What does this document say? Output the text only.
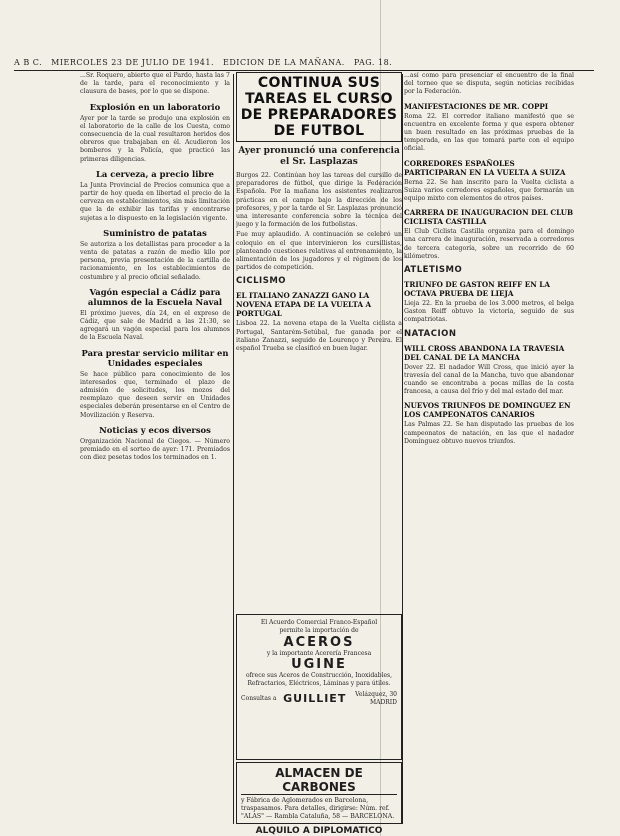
A B C. MIERCOLES 23 DE JULIO DE 1941. EDICION DE LA MAÑANA. PAG. 18.

...Sr. Roquero, abierto que el Pardo, hasta las 7 de la tarde, para el reconocimiento y la clausura de bases, por lo que se dispone.

Explosión en un laboratorio

Ayer por la tarde se produjo una explosión en el laboratorio de la calle de los Cuesta, como consecuencia de la cual resultaron heridos dos obreros que trabajaban en él. Acudieron los bomberos y la Policía, que practicó las primeras diligencias.

La cerveza, a precio libre

La Junta Provincial de Precios comunica que a partir de hoy queda en libertad el precio de la cerveza en establecimientos, sin más limitación que la de exhibir las tarifas y encontrarse sujetas a lo dispuesto en la legislación vigente.

Suministro de patatas

Se autoriza a los detallistas para proceder a la venta de patatas a razón de medio kilo por persona, previa presentación de la cartilla de racionamiento, en los establecimientos de costumbre y al precio oficial señalado.

Vagón especial a Cádiz para alumnos de la Escuela Naval

El próximo jueves, día 24, en el expreso de Cádiz, que sale de Madrid a las 21:30, se agregará un vagón especial para los alumnos de la Escuela Naval.

Para prestar servicio militar en Unidades especiales

Se hace público para conocimiento de los interesados que, terminado el plazo de admisión de solicitudes, los mozos del reemplazo que deseen servir en Unidades especiales deberán presentarse en el Centro de Movilización y Reserva.

Noticias y ecos diversos

Organización Nacional de Ciegos. — Número premiado en el sorteo de ayer: 171. Premiados con diez pesetas todos los terminados en 1.

CONTINUA SUS TAREAS EL CURSO DE PREPARADORES DE FUTBOL
Ayer pronunció una conferencia el Sr. Lasplazas

Burgos 22. Continúan hoy las tareas del cursillo de preparadores de fútbol, que dirige la Federación Española. Por la mañana los asistentes realizaron prácticas en el campo bajo la dirección de los profesores, y por la tarde el Sr. Lasplazas pronunció una interesante conferencia sobre la técnica del juego y la formación de los futbolistas.

Fue muy aplaudido. A continuación se celebró un coloquio en el que intervinieron los cursillistas, planteando cuestiones relativas al entrenamiento, la alimentación de los jugadores y el régimen de los partidos de competición.

CICLISMO
EL ITALIANO ZANAZZI GANO LA NOVENA ETAPA DE LA VUELTA A PORTUGAL

Lisboa 22. La novena etapa de la Vuelta ciclista a Portugal, Santarém-Setúbal, fue ganada por el italiano Zanazzi, seguido de Lourenço y Pereira. El español Trueba se clasificó en buen lugar.

El Acuerdo Comercial Franco-Español
permite la importación de
ACEROS
y la importante Acerería Francesa
UGINE
ofrece sus Aceros de Construcción, Inoxidables, Refractarios, Eléctricos, Láminas y para útiles.
Consultas a GUILLIET	Velázquez, 30 MADRID
ALMACEN DE CARBONES
y Fábrica de Aglomerados en Barcelona, traspasamos. Para detalles, dirigirse: Núm. ref. "ALAS" — Rambla Cataluña, 58 — BARCELONA.
ALQUILO A DIPLOMATICO

...así como para presenciar el encuentro de la final del torneo que se disputa, según noticias recibidas por la Federación.

MANIFESTACIONES DE MR. COPPI

Roma 22. El corredor italiano manifestó que se encuentra en excelente forma y que espera obtener un buen resultado en las próximas pruebas de la temporada, en las que tomará parte con el equipo oficial.

CORREDORES ESPAÑOLES PARTICIPARAN EN LA VUELTA A SUIZA

Berna 22. Se han inscrito para la Vuelta ciclista a Suiza varios corredores españoles, que formarán un equipo mixto con elementos de otros países.

CARRERA DE INAUGURACION DEL CLUB CICLISTA CASTILLA

El Club Ciclista Castilla organiza para el domingo una carrera de inauguración, reservada a corredores de tercera categoría, sobre un recorrido de 60 kilómetros.

ATLETISMO
TRIUNFO DE GASTON REIFF EN LA OCTAVA PRUEBA DE LIEJA

Lieja 22. En la prueba de los 3.000 metros, el belga Gaston Reiff obtuvo la victoria, seguido de sus compatriotas.

NATACION
WILL CROSS ABANDONA LA TRAVESIA DEL CANAL DE LA MANCHA

Dover 22. El nadador Will Cross, que inició ayer la travesía del canal de la Mancha, tuvo que abandonar cuando se encontraba a pocas millas de la costa francesa, a causa del frío y del mal estado del mar.

NUEVOS TRIUNFOS DE DOMINGUEZ EN LOS CAMPEONATOS CANARIOS

Las Palmas 22. Se han disputado las pruebas de los campeonatos de natación, en las que el nadador Domínguez obtuvo nuevos triunfos.
